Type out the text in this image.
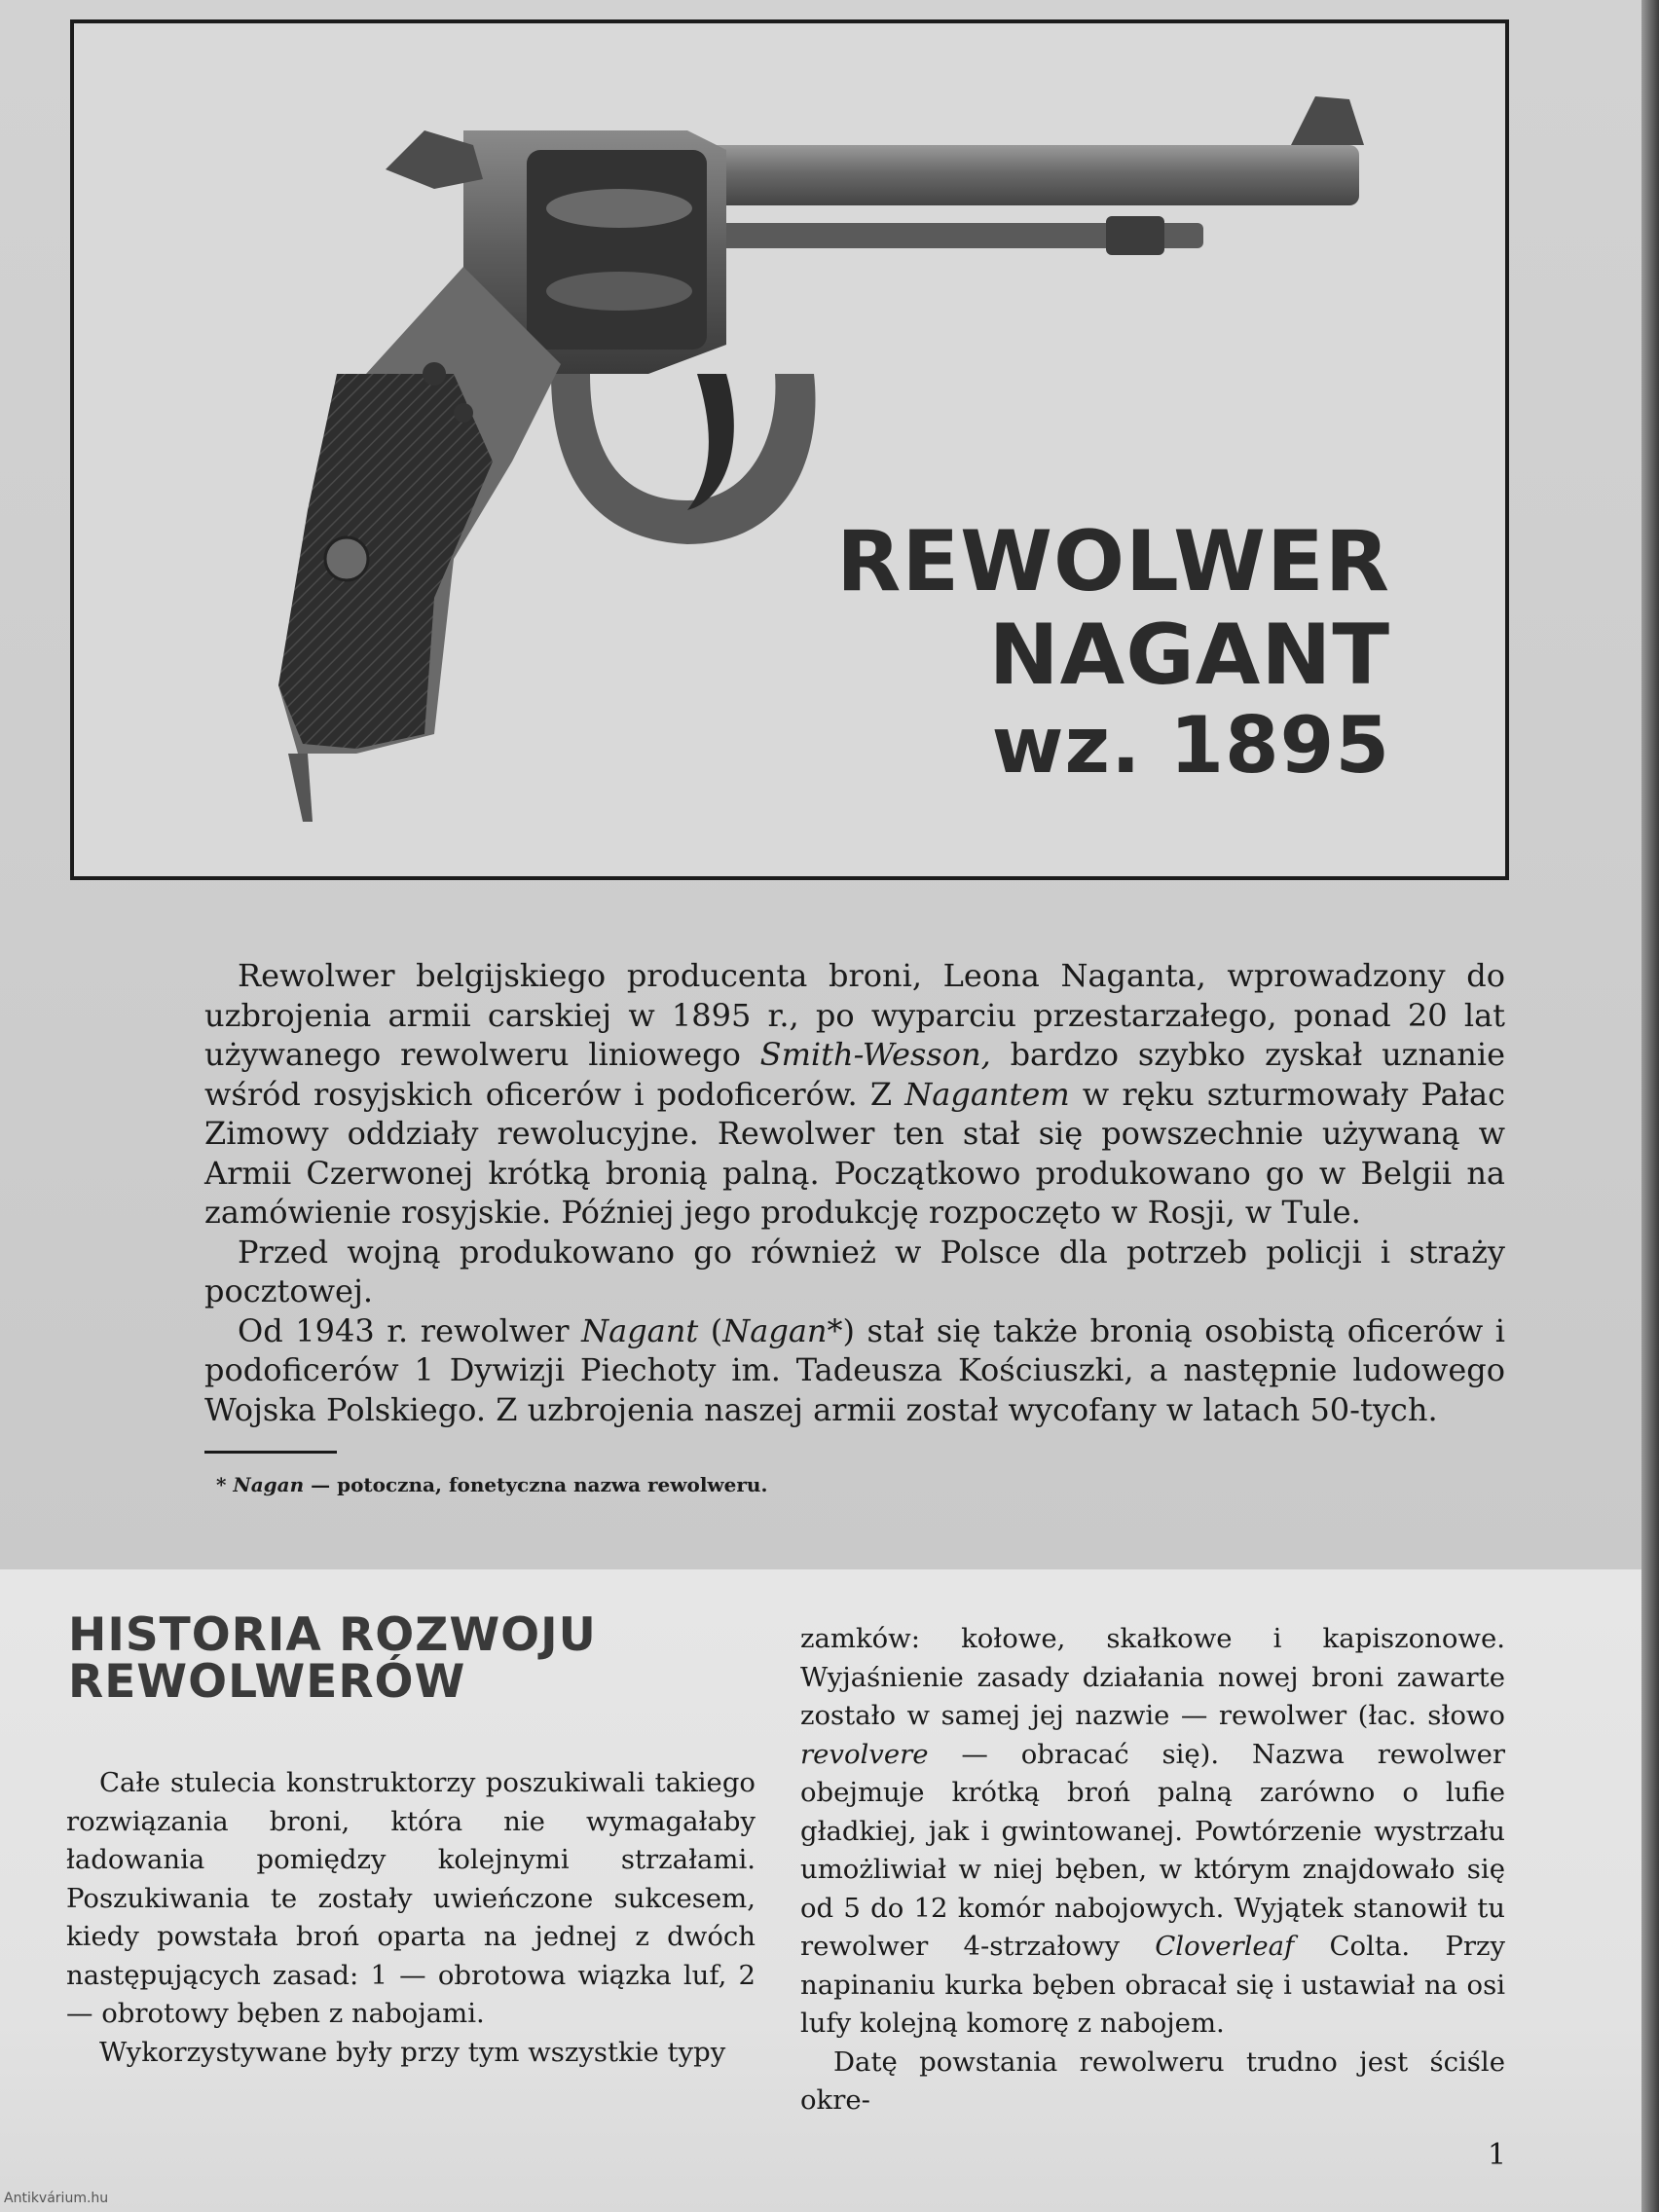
REWOLWER
NAGANT
wz. 1895

Rewolwer belgijskiego producenta broni, Leona Naganta, wprowadzony do uzbrojenia armii carskiej w 1895 r., po wyparciu przestarzałego, ponad 20 lat używanego rewolweru liniowego Smith-Wesson, bardzo szybko zyskał uznanie wśród rosyjskich oficerów i podoficerów. Z Nagantem w ręku szturmowały Pałac Zimowy oddziały rewolucyjne. Rewolwer ten stał się powszechnie używaną w Armii Czerwonej krótką bronią palną. Początkowo produkowano go w Belgii na zamówienie rosyjskie. Później jego produkcję rozpoczęto w Rosji, w Tule.

Przed wojną produkowano go również w Polsce dla potrzeb policji i straży pocztowej.

Od 1943 r. rewolwer Nagant (Nagan*) stał się także bronią osobistą oficerów i podoficerów 1 Dywizji Piechoty im. Tadeusza Kościuszki, a następnie ludowego Wojska Polskiego. Z uzbrojenia naszej armii został wycofany w latach 50-tych.

* Nagan — potoczna, fonetyczna nazwa rewolweru.
HISTORIA ROZWOJU
REWOLWERÓW

Całe stulecia konstruktorzy poszukiwali takiego rozwiązania broni, która nie wymagałaby ładowania pomiędzy kolejnymi strzałami. Poszukiwania te zostały uwieńczone sukcesem, kiedy powstała broń oparta na jednej z dwóch następujących zasad: 1 — obrotowa wiązka luf, 2 — obrotowy bęben z nabojami.

Wykorzystywane były przy tym wszystkie typy

zamków: kołowe, skałkowe i kapiszonowe. Wyjaśnienie zasady działania nowej broni zawarte zostało w samej jej nazwie — rewolwer (łac. słowo revolvere — obracać się). Nazwa rewolwer obejmuje krótką broń palną zarówno o lufie gładkiej, jak i gwintowanej. Powtórzenie wystrzału umożliwiał w niej bęben, w którym znajdowało się od 5 do 12 komór nabojowych. Wyjątek stanowił tu rewolwer 4-strzałowy Cloverleaf Colta. Przy napinaniu kurka bęben obracał się i ustawiał na osi lufy kolejną komorę z nabojem.

Datę powstania rewolweru trudno jest ściśle okre-

1
Antikvárium.hu
